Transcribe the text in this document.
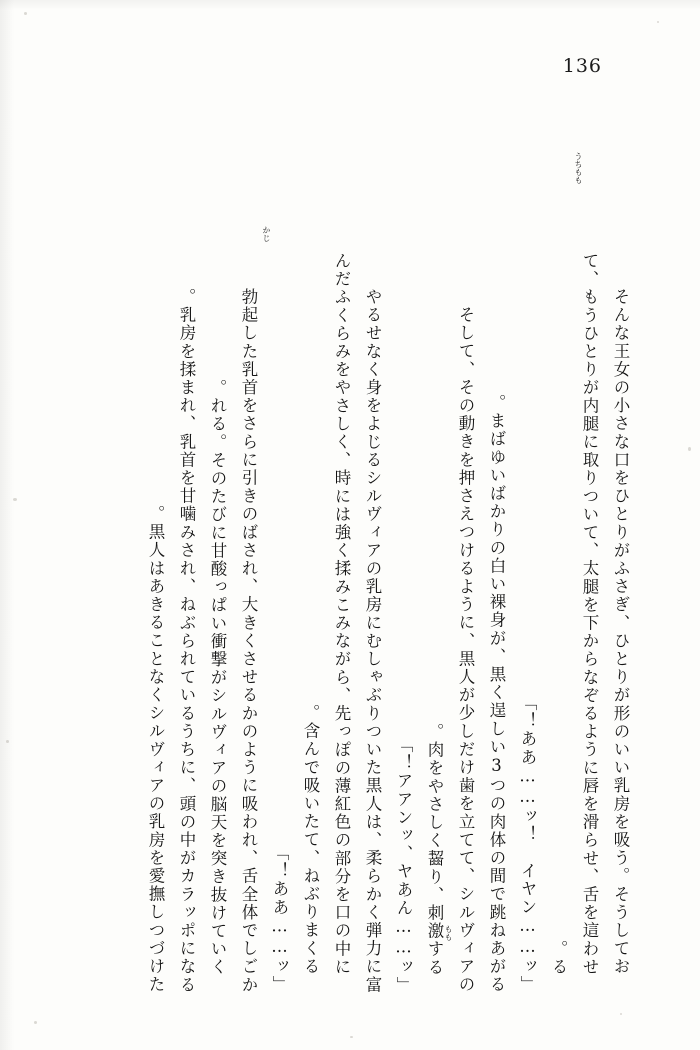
136
そんな王女の小さな口をひとりがふさぎ、ひとりが形のいい乳房を吸う。そうしてお
て、もうひとりが内腿に取りついて、太腿を下からなぞるように唇を滑らせ、舌を這わせ
る。
「ああ……ッ！　イヤン……ッ！」
まばゆいばかりの白い裸身が、黒く逞しい3つの肉体の間で跳ねあがる。
そして、その動きを押さえつけるように、黒人が少しだけ歯を立てて、シルヴィアの
肉をやさしく齧り、刺激する。
「アアンッ、ヤあん……ッ！」
やるせなく身をよじるシルヴィアの乳房にむしゃぶりついた黒人は、柔らかく弾力に富
んだふくらみをやさしく、時には強く揉みこみながら、先っぽの薄紅色の部分を口の中に
含んで吸いたて、ねぶりまくる。
「ああ……ッ！」
勃起した乳首をさらに引きのばされ、大きくさせるかのように吸われ、舌全体でしごか
れる。そのたびに甘酸っぱい衝撃がシルヴィアの脳天を突き抜けていく。
乳房を揉まれ、乳首を甘噛みされ、ねぶられているうちに、頭の中がカラッポになる。
黒人はあきることなくシルヴィアの乳房を愛撫しつづけた。
うちもも
かじ
もも
